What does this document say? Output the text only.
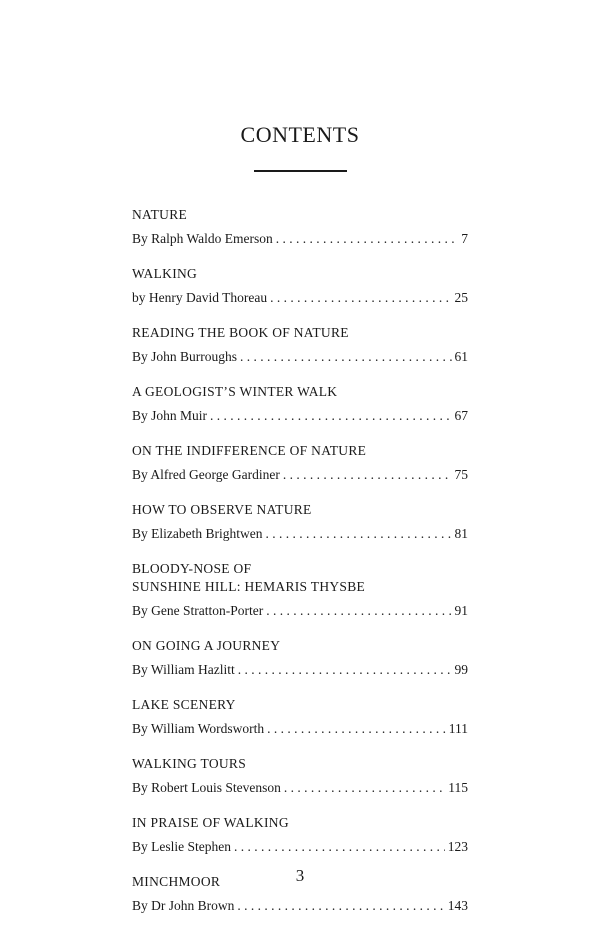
CONTENTS
NATURE
By Ralph Waldo Emerson . . .	7
WALKING
by Henry David Thoreau . . .	25
READING THE BOOK OF NATURE
By John Burroughs . . .	61
A GEOLOGIST’S WINTER WALK
By John Muir . . .	67
ON THE INDIFFERENCE OF NATURE
By Alfred George Gardiner . . .	75
HOW TO OBSERVE NATURE
By Elizabeth Brightwen . . .	81
BLOODY-NOSE OF
SUNSHINE HILL: HEMARIS THYSBE
By Gene Stratton-Porter . . .	91
ON GOING A JOURNEY
By William Hazlitt . . .	99
LAKE SCENERY
By William Wordsworth . . .	111
WALKING TOURS
By Robert Louis Stevenson . . .	115
IN PRAISE OF WALKING
By Leslie Stephen . . .	123
MINCHMOOR
By Dr John Brown . . .	143
3
